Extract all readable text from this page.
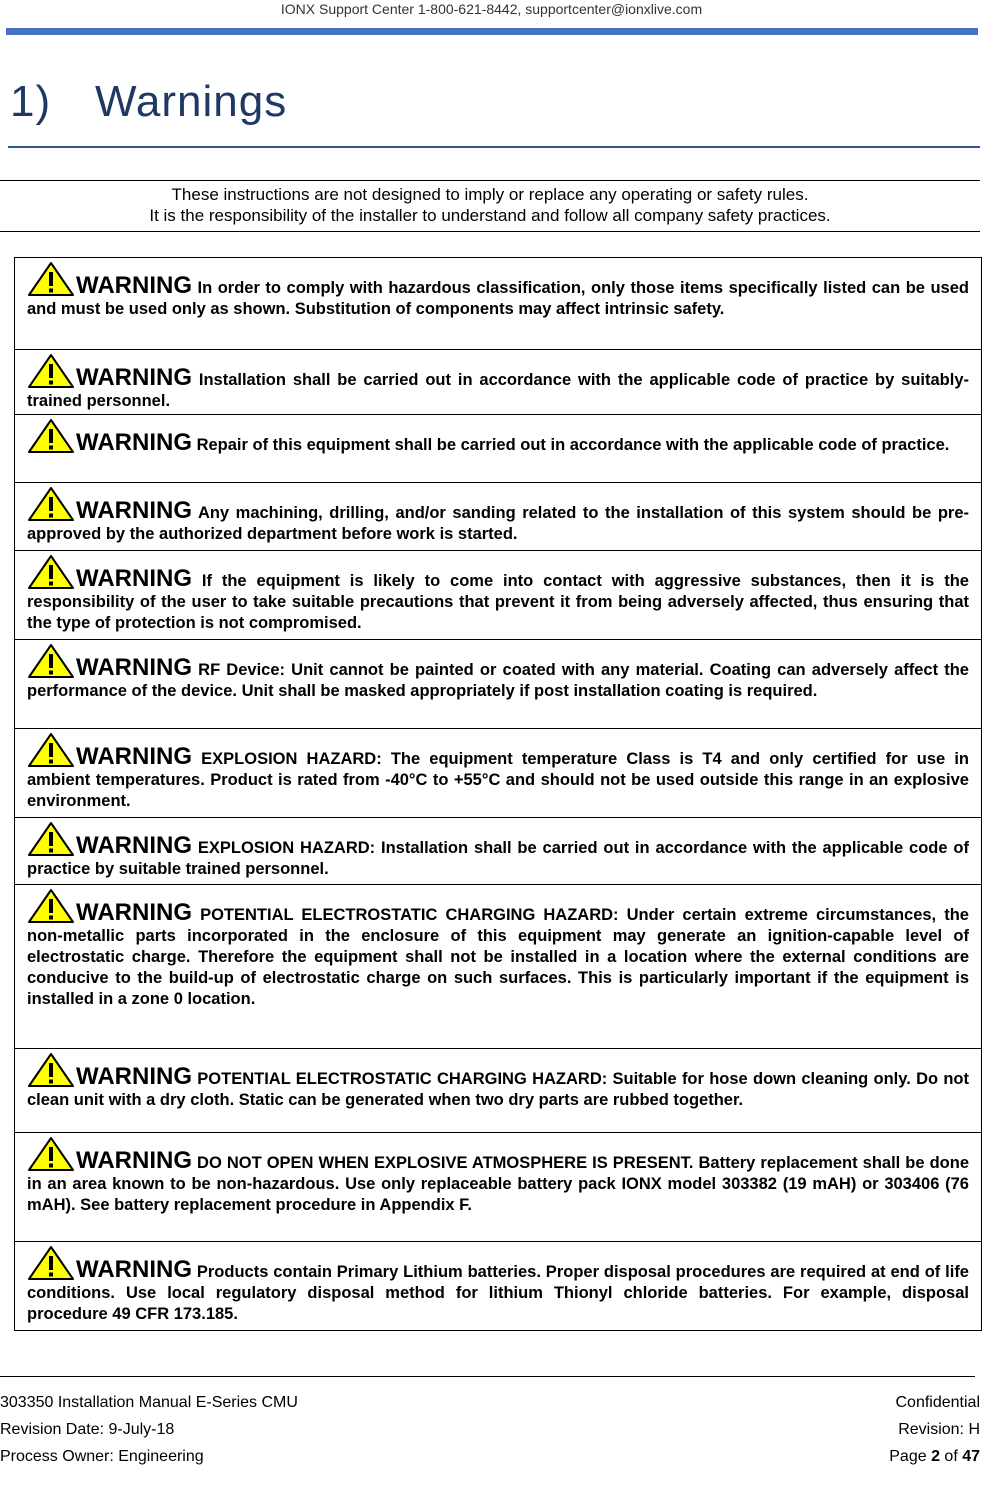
IONX Support Center 1-800-621-8442, supportcenter@ionxlive.com
1) Warnings
These instructions are not designed to imply or replace any operating or safety rules.
It is the responsibility of the installer to understand and follow all company safety practices.
WARNING In order to comply with hazardous classification, only those items specifically listed can be used and must be used only as shown. Substitution of components may affect intrinsic safety.
WARNING Installation shall be carried out in accordance with the applicable code of practice by suitably-trained personnel.
WARNING Repair of this equipment shall be carried out in accordance with the applicable code of practice.
WARNING Any machining, drilling, and/or sanding related to the installation of this system should be pre-approved by the authorized department before work is started.
WARNING If the equipment is likely to come into contact with aggressive substances, then it is the responsibility of the user to take suitable precautions that prevent it from being adversely affected, thus ensuring that the type of protection is not compromised.
WARNING RF Device: Unit cannot be painted or coated with any material. Coating can adversely affect the performance of the device. Unit shall be masked appropriately if post installation coating is required.
WARNING EXPLOSION HAZARD: The equipment temperature Class is T4 and only certified for use in ambient temperatures. Product is rated from -40°C to +55°C and should not be used outside this range in an explosive environment.
WARNING EXPLOSION HAZARD: Installation shall be carried out in accordance with the applicable code of practice by suitable trained personnel.
WARNING POTENTIAL ELECTROSTATIC CHARGING HAZARD: Under certain extreme circumstances, the non-metallic parts incorporated in the enclosure of this equipment may generate an ignition-capable level of electrostatic charge. Therefore the equipment shall not be installed in a location where the external conditions are conducive to the build-up of electrostatic charge on such surfaces. This is particularly important if the equipment is installed in a zone 0 location.
WARNING POTENTIAL ELECTROSTATIC CHARGING HAZARD: Suitable for hose down cleaning only. Do not clean unit with a dry cloth. Static can be generated when two dry parts are rubbed together.
WARNING DO NOT OPEN WHEN EXPLOSIVE ATMOSPHERE IS PRESENT. Battery replacement shall be done in an area known to be non-hazardous. Use only replaceable battery pack IONX model 303382 (19 mAH) or 303406 (76 mAH). See battery replacement procedure in Appendix F.
WARNING Products contain Primary Lithium batteries. Proper disposal procedures are required at end of life conditions. Use local regulatory disposal method for lithium Thionyl chloride batteries. For example, disposal procedure 49 CFR 173.185.
303350 Installation Manual E-Series CMU	Confidential
Revision Date: 9-July-18	Revision: H
Process Owner: Engineering	Page 2 of 47
